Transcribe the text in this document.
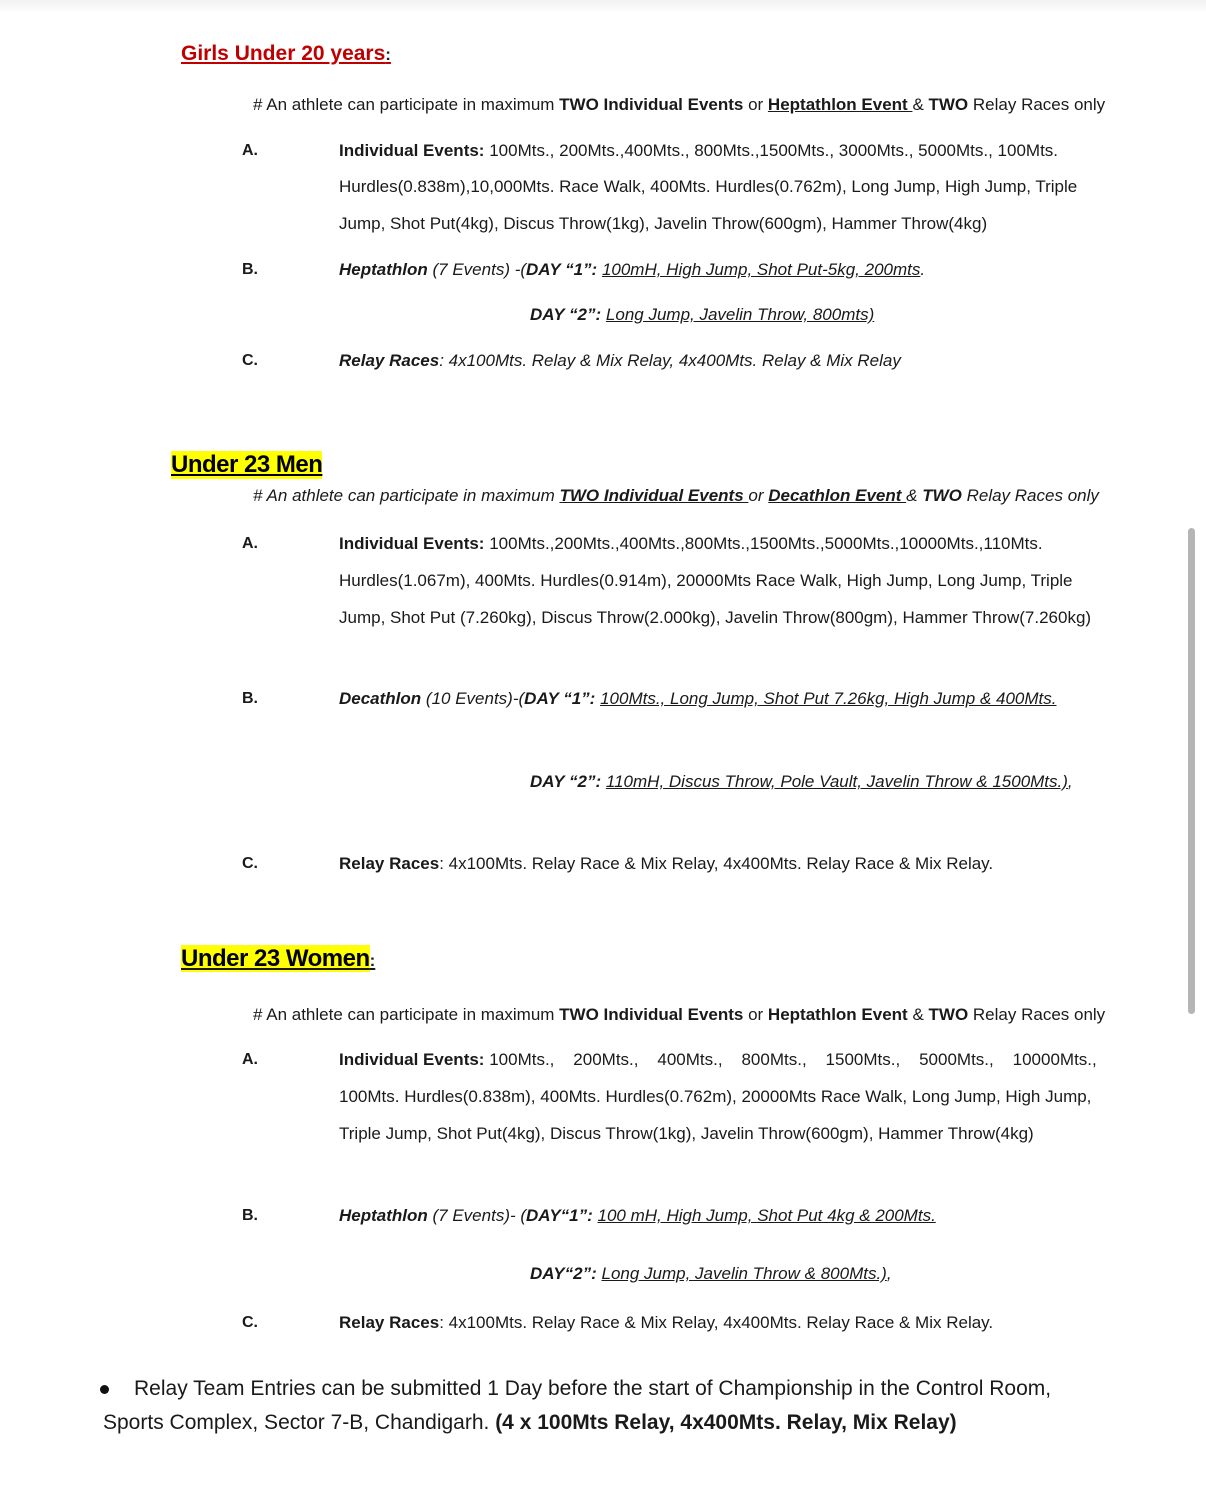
Girls Under 20 years:
# An athlete can participate in maximum TWO Individual Events or Heptathlon Event & TWO Relay Races only
A.	Individual Events: 100Mts., 200Mts.,400Mts., 800Mts.,1500Mts., 3000Mts., 5000Mts., 100Mts.
Hurdles(0.838m),10,000Mts. Race Walk, 400Mts. Hurdles(0.762m), Long Jump, High Jump, Triple
Jump, Shot Put(4kg), Discus Throw(1kg), Javelin Throw(600gm), Hammer Throw(4kg)
B.	Heptathlon (7 Events) -(DAY “1”: 100mH, High Jump, Shot Put-5kg, 200mts.
DAY “2”: Long Jump, Javelin Throw, 800mts)
C.	Relay Races: 4x100Mts. Relay & Mix Relay, 4x400Mts. Relay & Mix Relay
Under 23 Men
# An athlete can participate in maximum TWO Individual Events or Decathlon Event & TWO Relay Races only
A.	Individual Events: 100Mts.,200Mts.,400Mts.,800Mts.,1500Mts.,5000Mts.,10000Mts.,110Mts.
Hurdles(1.067m), 400Mts. Hurdles(0.914m), 20000Mts Race Walk, High Jump, Long Jump, Triple
Jump, Shot Put (7.260kg), Discus Throw(2.000kg), Javelin Throw(800gm), Hammer Throw(7.260kg)
B.	Decathlon (10 Events)-(DAY “1”: 100Mts., Long Jump, Shot Put 7.26kg, High Jump & 400Mts.
DAY “2”: 110mH, Discus Throw, Pole Vault, Javelin Throw & 1500Mts.),
C.	Relay Races: 4x100Mts. Relay Race & Mix Relay, 4x400Mts. Relay Race & Mix Relay.
Under 23 Women:
# An athlete can participate in maximum TWO Individual Events or Heptathlon Event & TWO Relay Races only
A.	Individual Events: 100Mts.,    200Mts.,    400Mts.,    800Mts.,    1500Mts.,    5000Mts.,    10000Mts.,
100Mts. Hurdles(0.838m), 400Mts. Hurdles(0.762m), 20000Mts Race Walk, Long Jump, High Jump,
Triple Jump, Shot Put(4kg), Discus Throw(1kg), Javelin Throw(600gm), Hammer Throw(4kg)
B.	Heptathlon (7 Events)- (DAY“1”: 100 mH, High Jump, Shot Put 4kg & 200Mts.
DAY“2”: Long Jump, Javelin Throw & 800Mts.),
C.	Relay Races: 4x100Mts. Relay Race & Mix Relay, 4x400Mts. Relay Race & Mix Relay.
Relay Team Entries can be submitted 1 Day before the start of Championship in the Control Room,
Sports Complex, Sector 7-B, Chandigarh. (4 x 100Mts Relay, 4x400Mts. Relay, Mix Relay)
